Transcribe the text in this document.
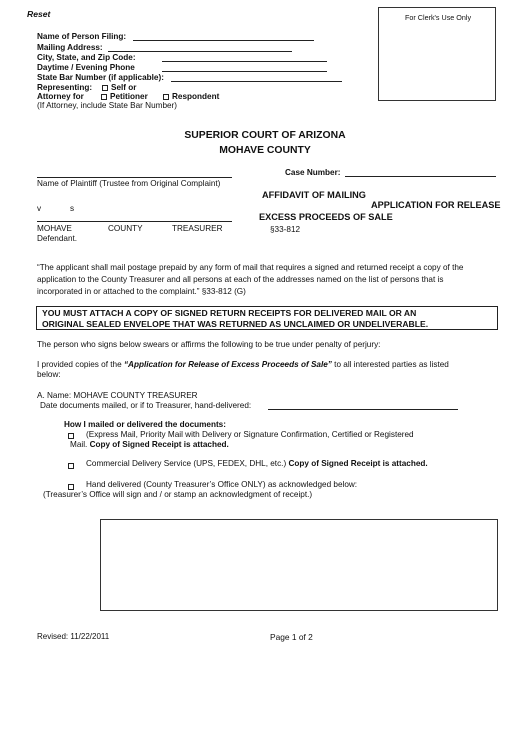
Reset	For Clerk's Use Only
Name of Person Filing:
Mailing Address:
City, State, and Zip Code:
Daytime / Evening Phone
State Bar Number (if applicable):
Representing:	Self or
Attorney for	Petitioner	Respondent
(If Attorney, include State Bar Number)
SUPERIOR COURT OF ARIZONA
MOHAVE COUNTY
Case Number:
Name of Plaintiff (Trustee from Original Complaint)
AFFIDAVIT OF MAILING
APPLICATION FOR RELEASE
EXCESS PROCEEDS OF SALE
§33-812
v	s
MOHAVE	COUNTY	TREASURER
Defendant.
“The applicant shall mail postage prepaid by any form of mail that requires a signed and returned receipt a copy of the
application to the County Treasurer and all persons at each of the addresses named on the list of persons that is
incorporated in or attached to the complaint.” §33-812 (G)
YOU MUST ATTACH A COPY OF SIGNED RETURN RECEIPTS FOR DELIVERED MAIL OR AN
ORIGINAL SEALED ENVELOPE THAT WAS RETURNED AS UNCLAIMED OR UNDELIVERABLE.
The person who signs below swears or affirms the following to be true under penalty of perjury:
I provided copies of the “Application for Release of Excess Proceeds of Sale” to all interested parties as listed
below:
A. Name: MOHAVE COUNTY TREASURER
Date documents mailed, or if to Treasurer, hand-delivered:
How I mailed or delivered the documents:
(Express Mail, Priority Mail with Delivery or Signature Confirmation, Certified or Registered
Mail. Copy of Signed Receipt is attached.
Commercial Delivery Service (UPS, FEDEX, DHL, etc.) Copy of Signed Receipt is attached.
Hand delivered (County Treasurer’s Office ONLY) as acknowledged below:
(Treasurer’s Office will sign and / or stamp an acknowledgment of receipt.)
Revised: 11/22/2011	Page 1 of 2
